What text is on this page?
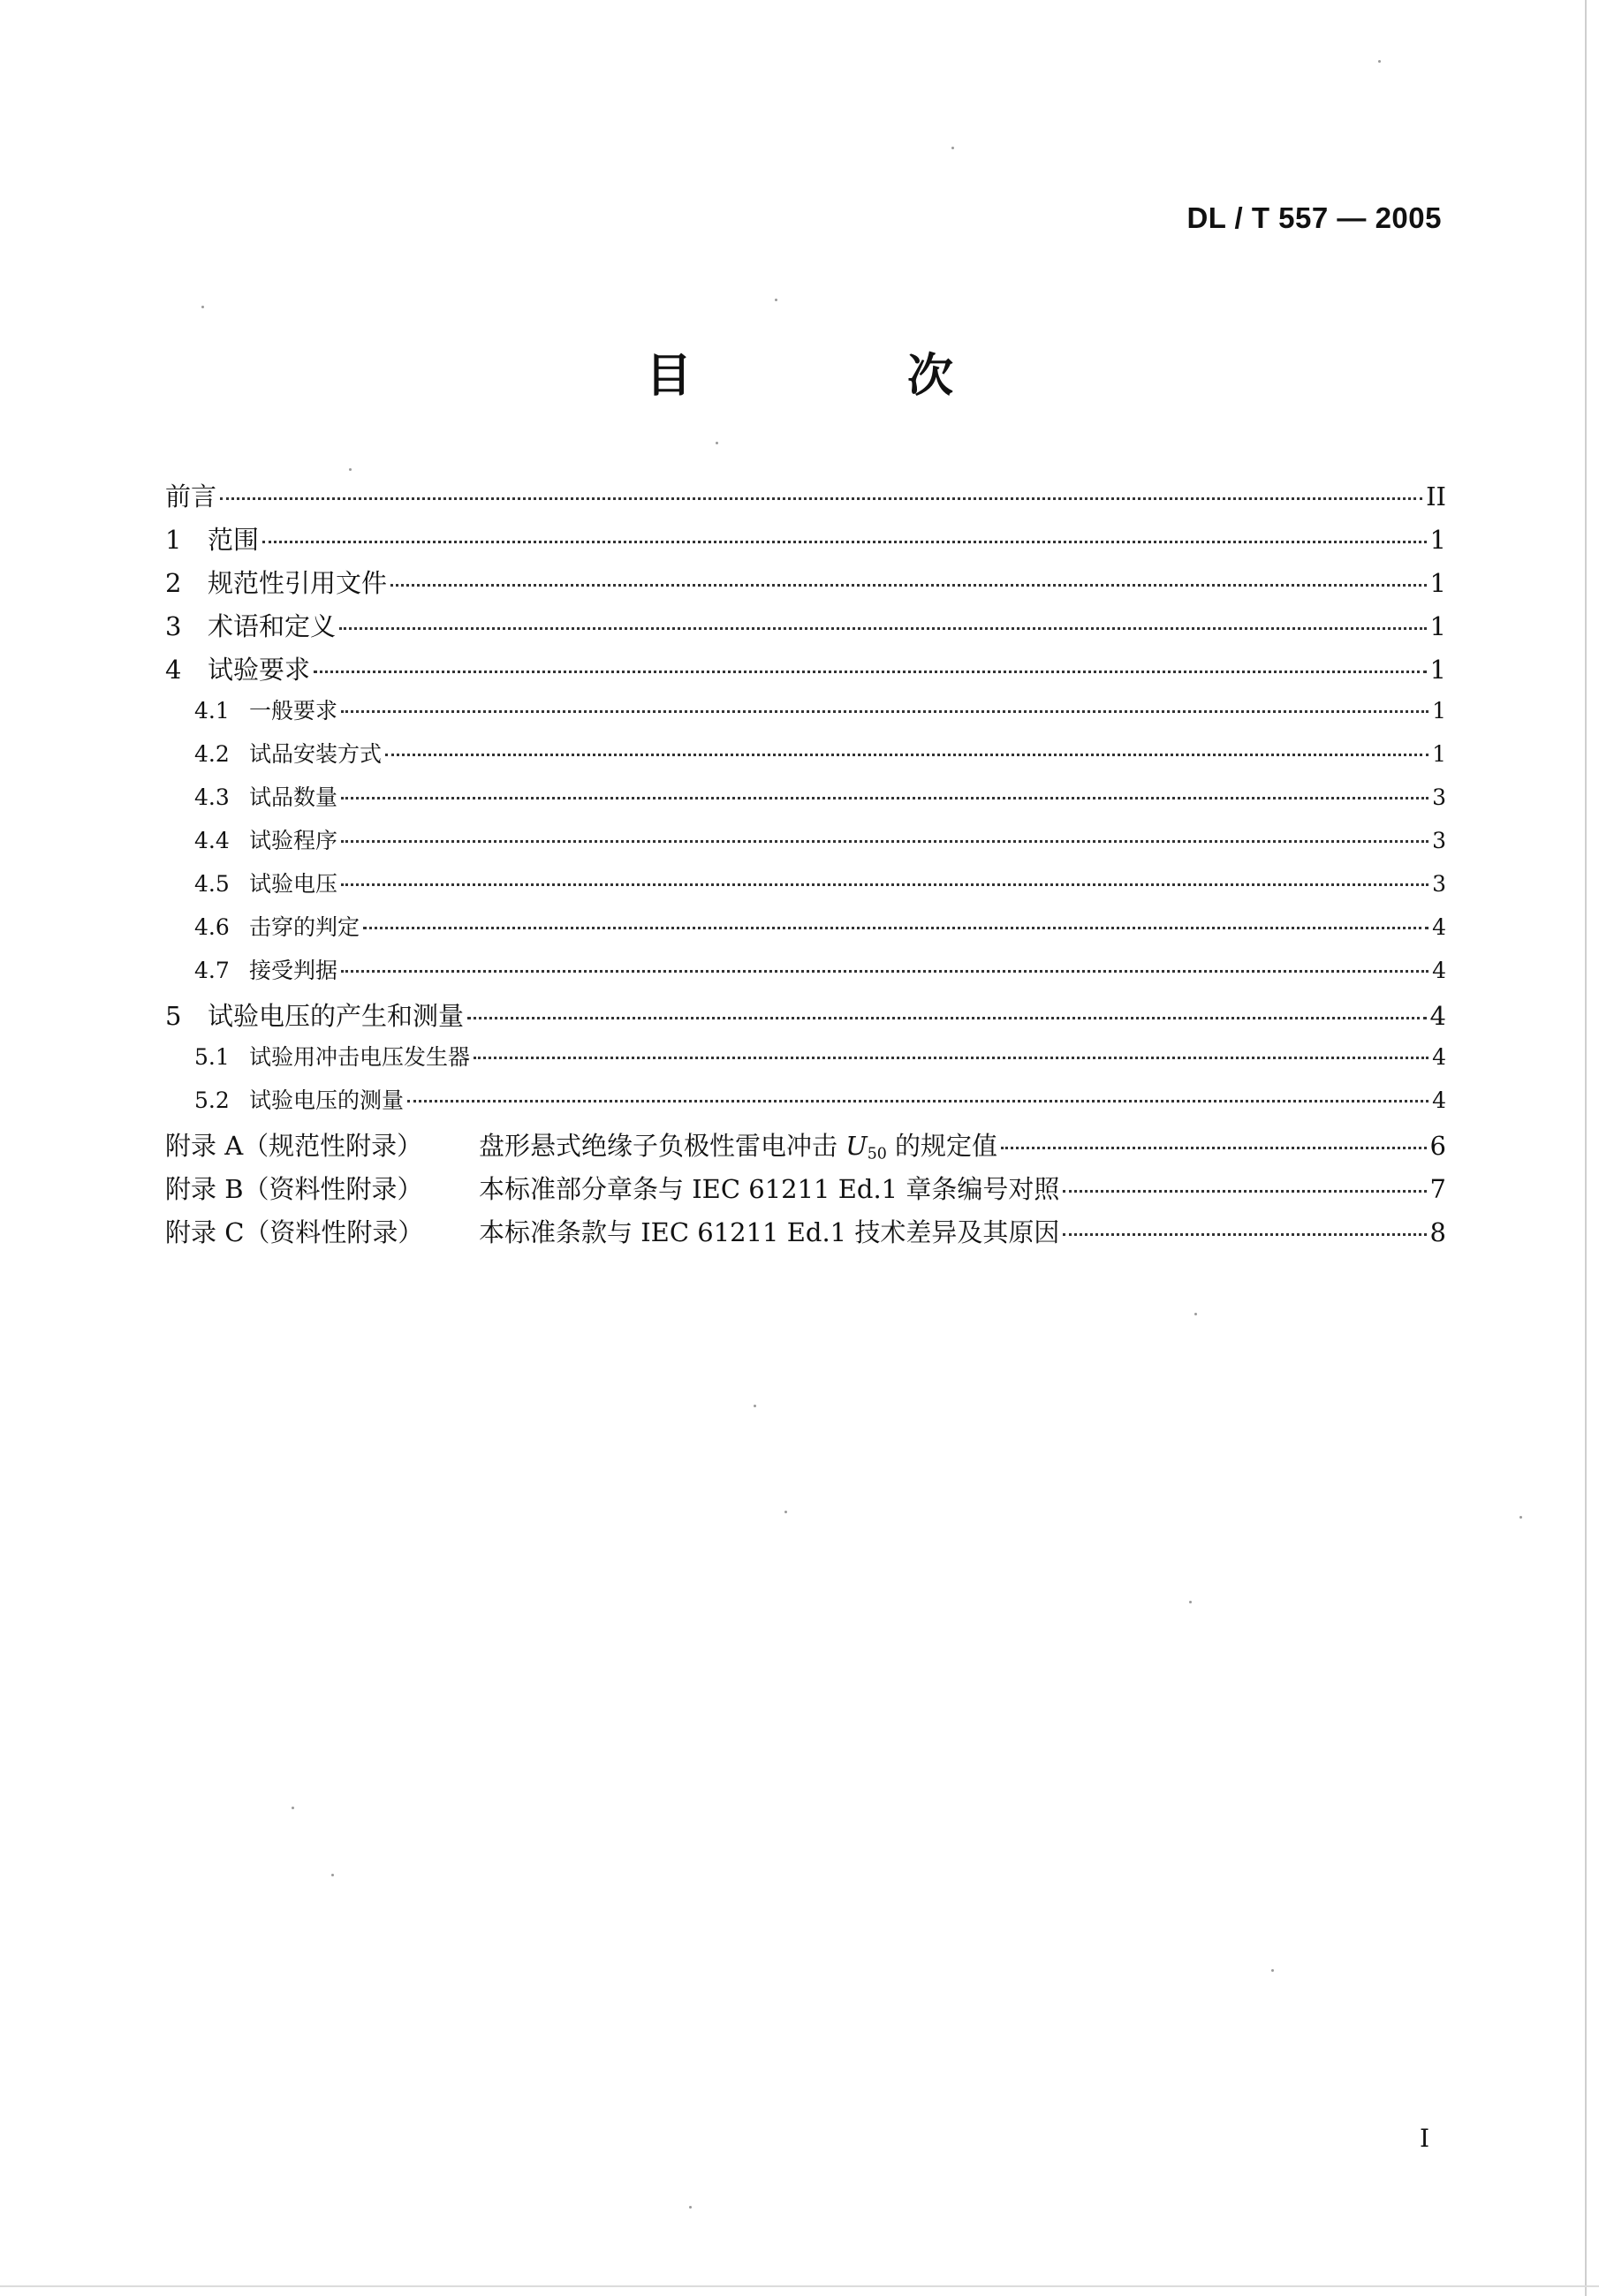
DL / T 557 — 2005
目　次
前言	II
1	范围	1
2	规范性引用文件	1
3	术语和定义	1
4	试验要求	1
4.1 一般要求	1
4.2 试品安装方式	1
4.3 试品数量	3
4.4 试验程序	3
4.5 试验电压	3
4.6 击穿的判定	4
4.7 接受判据	4
5	试验电压的产生和测量	4
5.1 试验用冲击电压发生器	4
5.2 试验电压的测量	4
附录 A（规范性附录）	盘形悬式绝缘子负极性雷电冲击 $U_{50}$ 的规定值	6
附录 B（资料性附录）	本标准部分章条与 IEC 61211 Ed.1 章条编号对照	7
附录 C（资料性附录）	本标准条款与 IEC 61211 Ed.1 技术差异及其原因	8
I
